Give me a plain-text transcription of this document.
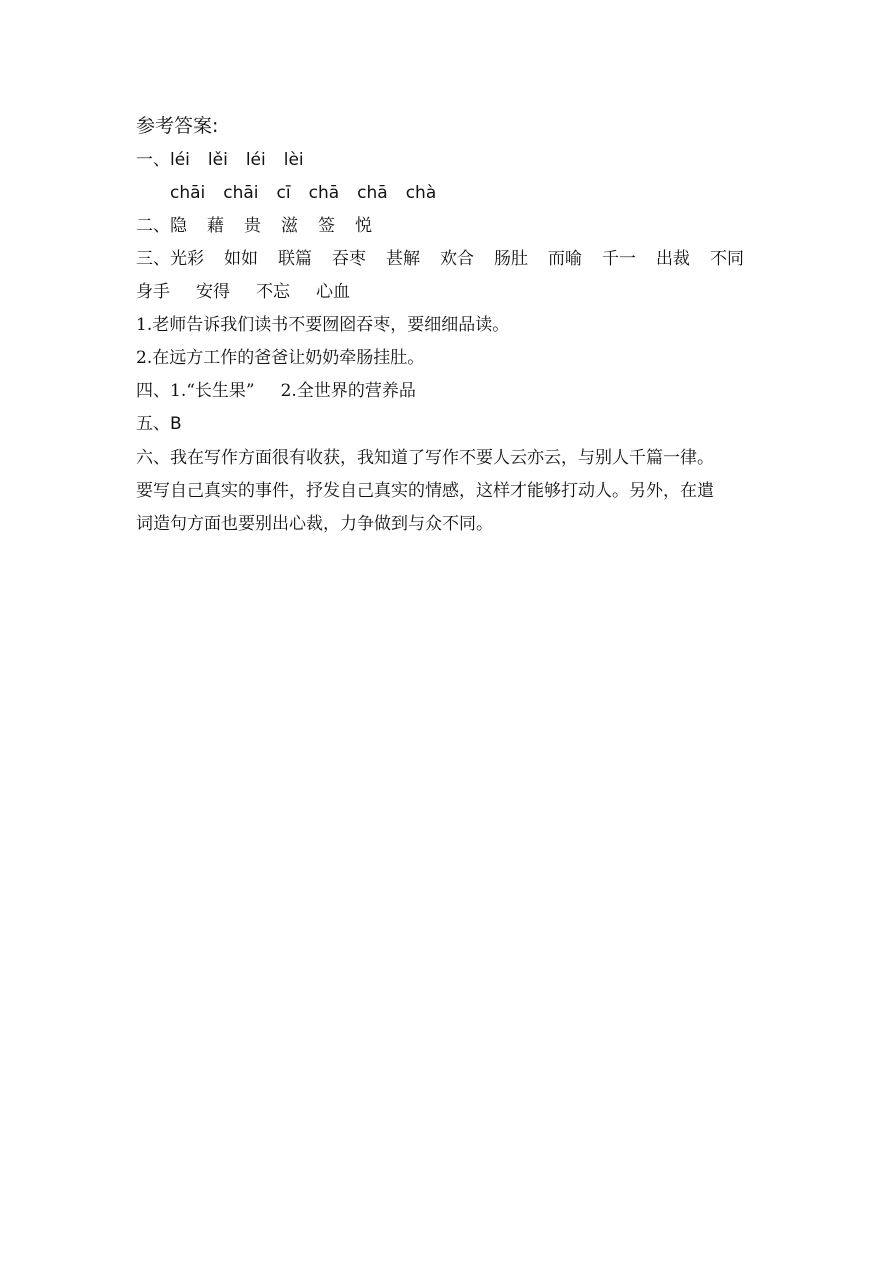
参考答案:
一、léi lěi léi lèi
chāi chāi cī chā chā chà
二、隐 藉 贵 滋 签 悦
三、光彩 如如 联篇 吞枣 甚解 欢合 肠肚 而喻 千一 出裁 不同
身手 安得 不忘 心血
1.老师告诉我们读书不要囫囵吞枣，要细细品读。
2.在远方工作的爸爸让奶奶牵肠挂肚。
四、1.“长生果” 2.全世界的营养品
五、B
六、我在写作方面很有收获，我知道了写作不要人云亦云，与别人千篇一律。
要写自己真实的事件，抒发自己真实的情感，这样才能够打动人。另外，在遣
词造句方面也要别出心裁，力争做到与众不同。
